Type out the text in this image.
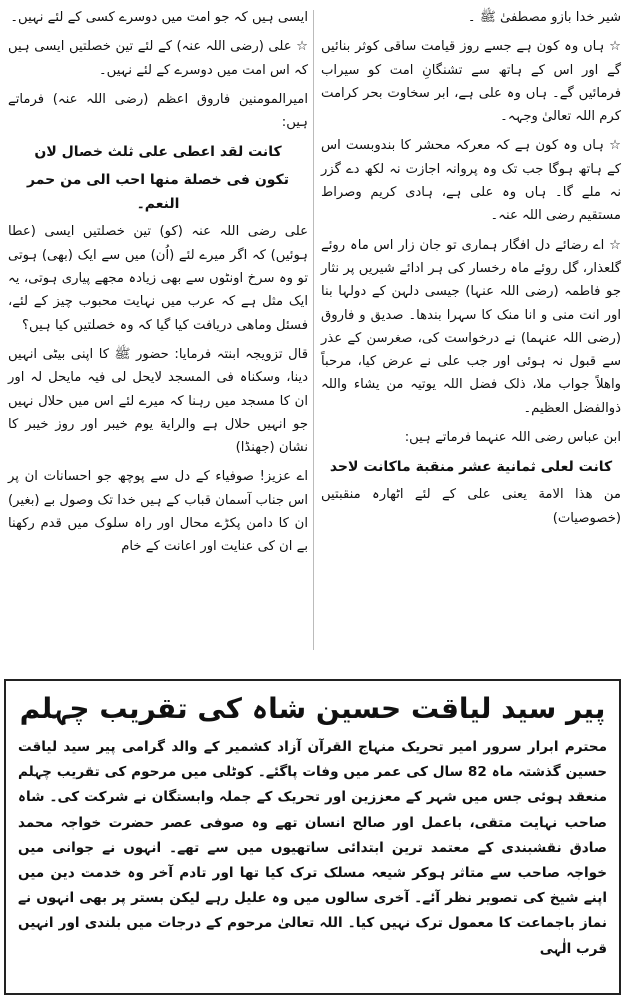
شیر خدا بازو مصطفیٰ ﷺ ۔

☆ ہاں وہ کون ہے جسے روز قیامت ساقی کوثر بنائیں گے اور اس کے ہاتھ سے تشنگانِ امت کو سیراب فرمائیں گے۔ ہاں وہ علی ہے، ابر سخاوت بحر کرامت کرم اللہ تعالیٰ وجہہ۔

☆ ہاں وہ کون ہے کہ معرکہ محشر کا بندوبست اس کے ہاتھ ہوگا جب تک وہ پروانہ اجازت نہ لکھ دے گزر نہ ملے گا۔ ہاں وہ علی ہے، ہادی کریم وصراط مستقیم رضی اللہ عنہ۔

☆ اے رضائے دل افگار ہماری تو جان زار اس ماہ روئے گلعذار، گل روئے ماہ رخسار کی ہر ادائے شیریں پر نثار جو فاطمہ (رضی اللہ عنہا) جیسی دلہن کے دولہا بنا اور انت منی و انا منک کا سہرا بندھا۔ صدیق و فاروق (رضی اللہ عنہما) نے درخواست کی، صغرسن کے عذر سے قبول نہ ہوئی اور جب علی نے عرض کیا، مرحباً واھلاً جواب ملا، ذلک فضل اللہ یوتیہ من یشاء واللہ ذوالفضل العظیم۔

ابن عباس رضی اللہ عنہما فرماتے ہیں:

کانت لعلی ثمانیة عشر منقبة ماکانت لاحد

من ھذا الامة یعنی علی کے لئے اٹھارہ منقبتیں (خصوصیات)

ایسی ہیں کہ جو امت میں دوسرے کسی کے لئے نہیں۔

☆ علی (رضی اللہ عنہ) کے لئے تین خصلتیں ایسی ہیں کہ اس امت میں دوسرے کے لئے نہیں۔

امیرالمومنین فاروق اعظم (رضی اللہ عنہ) فرماتے ہیں:

کانت لقد اعطی علی ثلث خصال لان

تکون فی خصلة منھا احب الی من حمر النعم۔

علی رضی اللہ عنہ (کو) تین خصلتیں ایسی (عطا ہوئیں) کہ اگر میرے لئے (اُن) میں سے ایک (بھی) ہوتی تو وہ سرخ اونٹوں سے بھی زیادہ مجھے پیاری ہوتی، یہ ایک مثل ہے کہ عرب میں نہایت محبوب چیز کے لئے، فسئل وماھی دریافت کیا گیا کہ وہ خصلتیں کیا ہیں؟

قال تزویجہ ابنتہ فرمایا: حضور ﷺ کا اپنی بیٹی انہیں دینا، وسکناہ فی المسجد لایحل لی فیہ مایحل لہ اور ان کا مسجد میں رہنا کہ میرے لئے اس میں حلال نہیں جو انہیں حلال ہے والرایة یوم خیبر اور روز خیبر کا نشان (جھنڈا)

اے عزیز! صوفیاء کے دل سے پوچھ جو احسانات ان پر اس جناب آسمان قباب کے ہیں خدا تک وصول بے (بغیر) ان کا دامن پکڑے محال اور راہ سلوک میں قدم رکھنا بے ان کی عنایت اور اعانت کے خام

پیر سید لیاقت حسین شاہ کی تقریب چہلم
محترم ابرار سرور امیر تحریک منہاج القرآن آزاد کشمیر کے والد گرامی پیر سید لیاقت حسین گذشتہ ماہ 82 سال کی عمر میں وفات پاگئے۔ کوٹلی میں مرحوم کی تقریب چہلم منعقد ہوئی جس میں شہر کے معززین اور تحریک کے جملہ وابستگان نے شرکت کی۔ شاہ صاحب نہایت متقی، باعمل اور صالح انسان تھے وہ صوفی عصر حضرت خواجہ محمد صادق نقشبندی کے معتمد ترین ابتدائی ساتھیوں میں سے تھے۔ انہوں نے جوانی میں خواجہ صاحب سے متاثر ہوکر شیعہ مسلک ترک کیا تھا اور تادم آخر وہ خدمت دین میں اپنے شیخ کی تصویر نظر آئے۔ آخری سالوں میں وہ علیل رہے لیکن بستر پر بھی انہوں نے نماز باجماعت کا معمول ترک نہیں کیا۔ اللہ تعالیٰ مرحوم کے درجات میں بلندی اور انہیں قرب الٰہی
